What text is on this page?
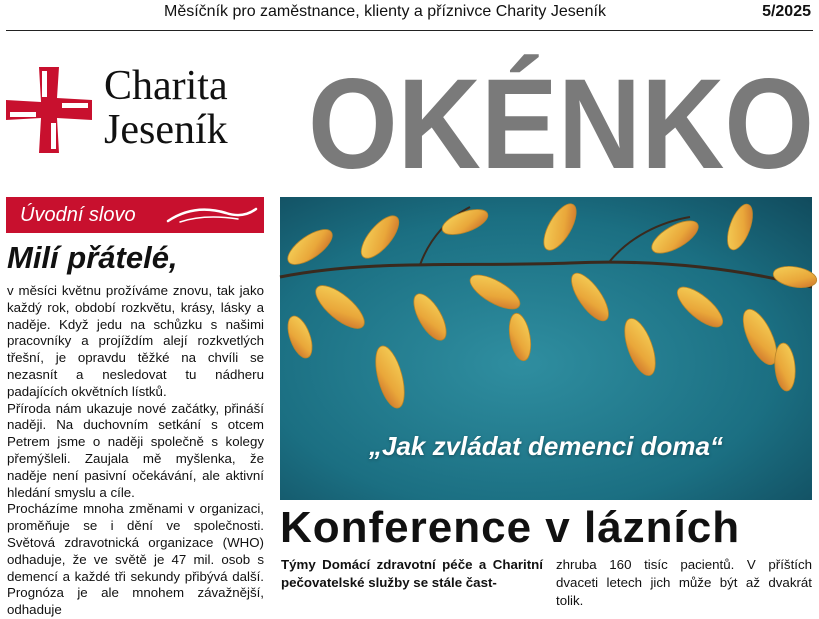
Měsíčník pro zaměstnance, klienty a příznivce Charity Jeseník	5/2025
Charita
Jeseník OKÉNKO
Úvodní slovo
Milí přátelé,

v měsíci květnu prožíváme znovu, tak jako každý rok, období rozkvětu, krásy, lásky a naděje. Když jedu na schůzku s našimi pracovníky a projíždím alejí rozkvetlých třešní, je opravdu těžké na chvíli se nezasnít a nesledovat tu nádheru padajících okvětních lístků.

Příroda nám ukazuje nové začátky, přináší naději. Na duchovním setkání s otcem Petrem jsme o naději společně s kolegy přemýšleli. Zaujala mě myšlenka, že naděje není pasivní očekávání, ale aktivní hledání smyslu a cíle.

Procházíme mnoha změnami v organizaci, proměňuje se i dění ve společnosti. Světová zdravotnická organizace (WHO) odhaduje, že ve světě je 47 mil. osob s demencí a každé tři sekundy přibývá další. Prognóza je ale mnohem závažnější, odhaduje

„Jak zvládat demenci doma“
Konference v lázních
Týmy Domácí zdravotní péče a Charitní pečovatelské služby se stále čast-
zhruba 160 tisíc pacientů. V příštích dvaceti letech jich může být až dvakrát tolik.
